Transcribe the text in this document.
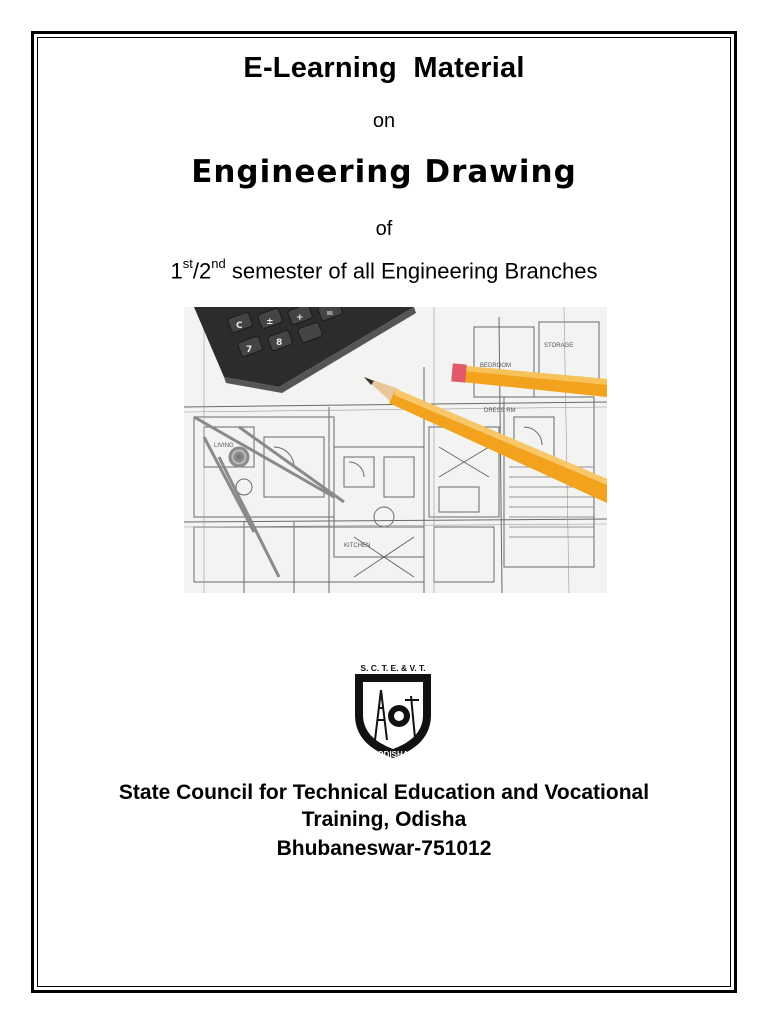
E-Learning  Material
on
Engineering Drawing
of
1st/2nd semester of all Engineering Branches
BEDROOM
STORAGE
DRESS RM
LIVING
KITCHEN
C	± + =
7
8
S. C. T. E. & V. T.
ODISHA
State Council for Technical Education and Vocational
Training, Odisha
Bhubaneswar-751012
